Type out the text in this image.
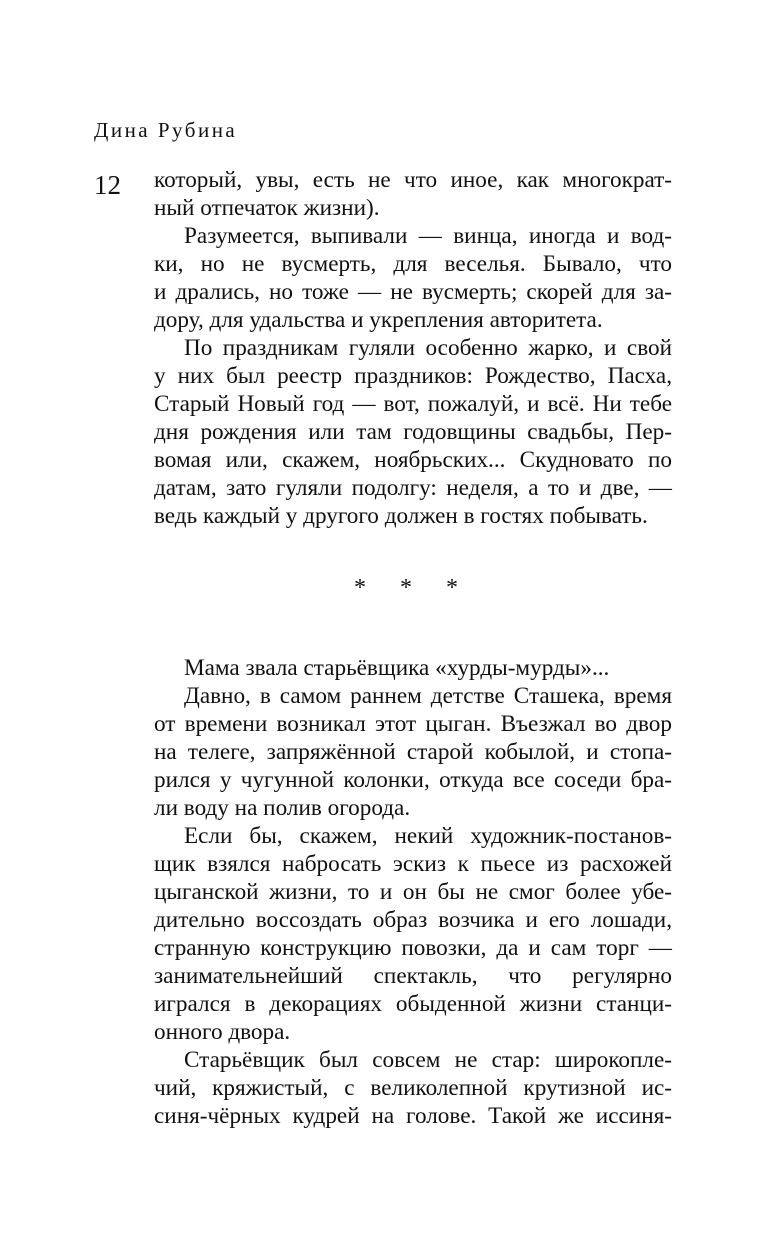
Дина Рубина
12 который, увы, есть не что иное, как многократ-
ный отпечаток жизни).
Разумеется, выпивали — винца, иногда и вод-
ки, но не вусмерть, для веселья. Бывало, что
и дрались, но тоже — не вусмерть; скорей для за-
дору, для удальства и укрепления авторитета.
По праздникам гуляли особенно жарко, и свой
у них был реестр праздников: Рождество, Пасха,
Старый Новый год — вот, пожалуй, и всё. Ни тебе
дня рождения или там годовщины свадьбы, Пер-
вомая или, скажем, ноябрьских... Скудновато по
датам, зато гуляли подолгу: неделя, а то и две, —
ведь каждый у другого должен в гостях побывать.
* * *
Мама звала старьёвщика «хурды-мурды»...
Давно, в самом раннем детстве Сташека, время
от времени возникал этот цыган. Въезжал во двор
на телеге, запряжённой старой кобылой, и стопа-
рился у чугунной колонки, откуда все соседи бра-
ли воду на полив огорода.
Если бы, скажем, некий художник-постанов-
щик взялся набросать эскиз к пьесе из расхожей
цыганской жизни, то и он бы не смог более убе-
дительно воссоздать образ возчика и его лошади,
странную конструкцию повозки, да и сам торг —
занимательнейший спектакль, что регулярно
игрался в декорациях обыденной жизни станци-
онного двора.
Старьёвщик был совсем не стар: широкоплe-
чий, кряжистый, с великолепной крутизной ис-
синя-чёрных кудрей на голове. Такой же иссиня-
